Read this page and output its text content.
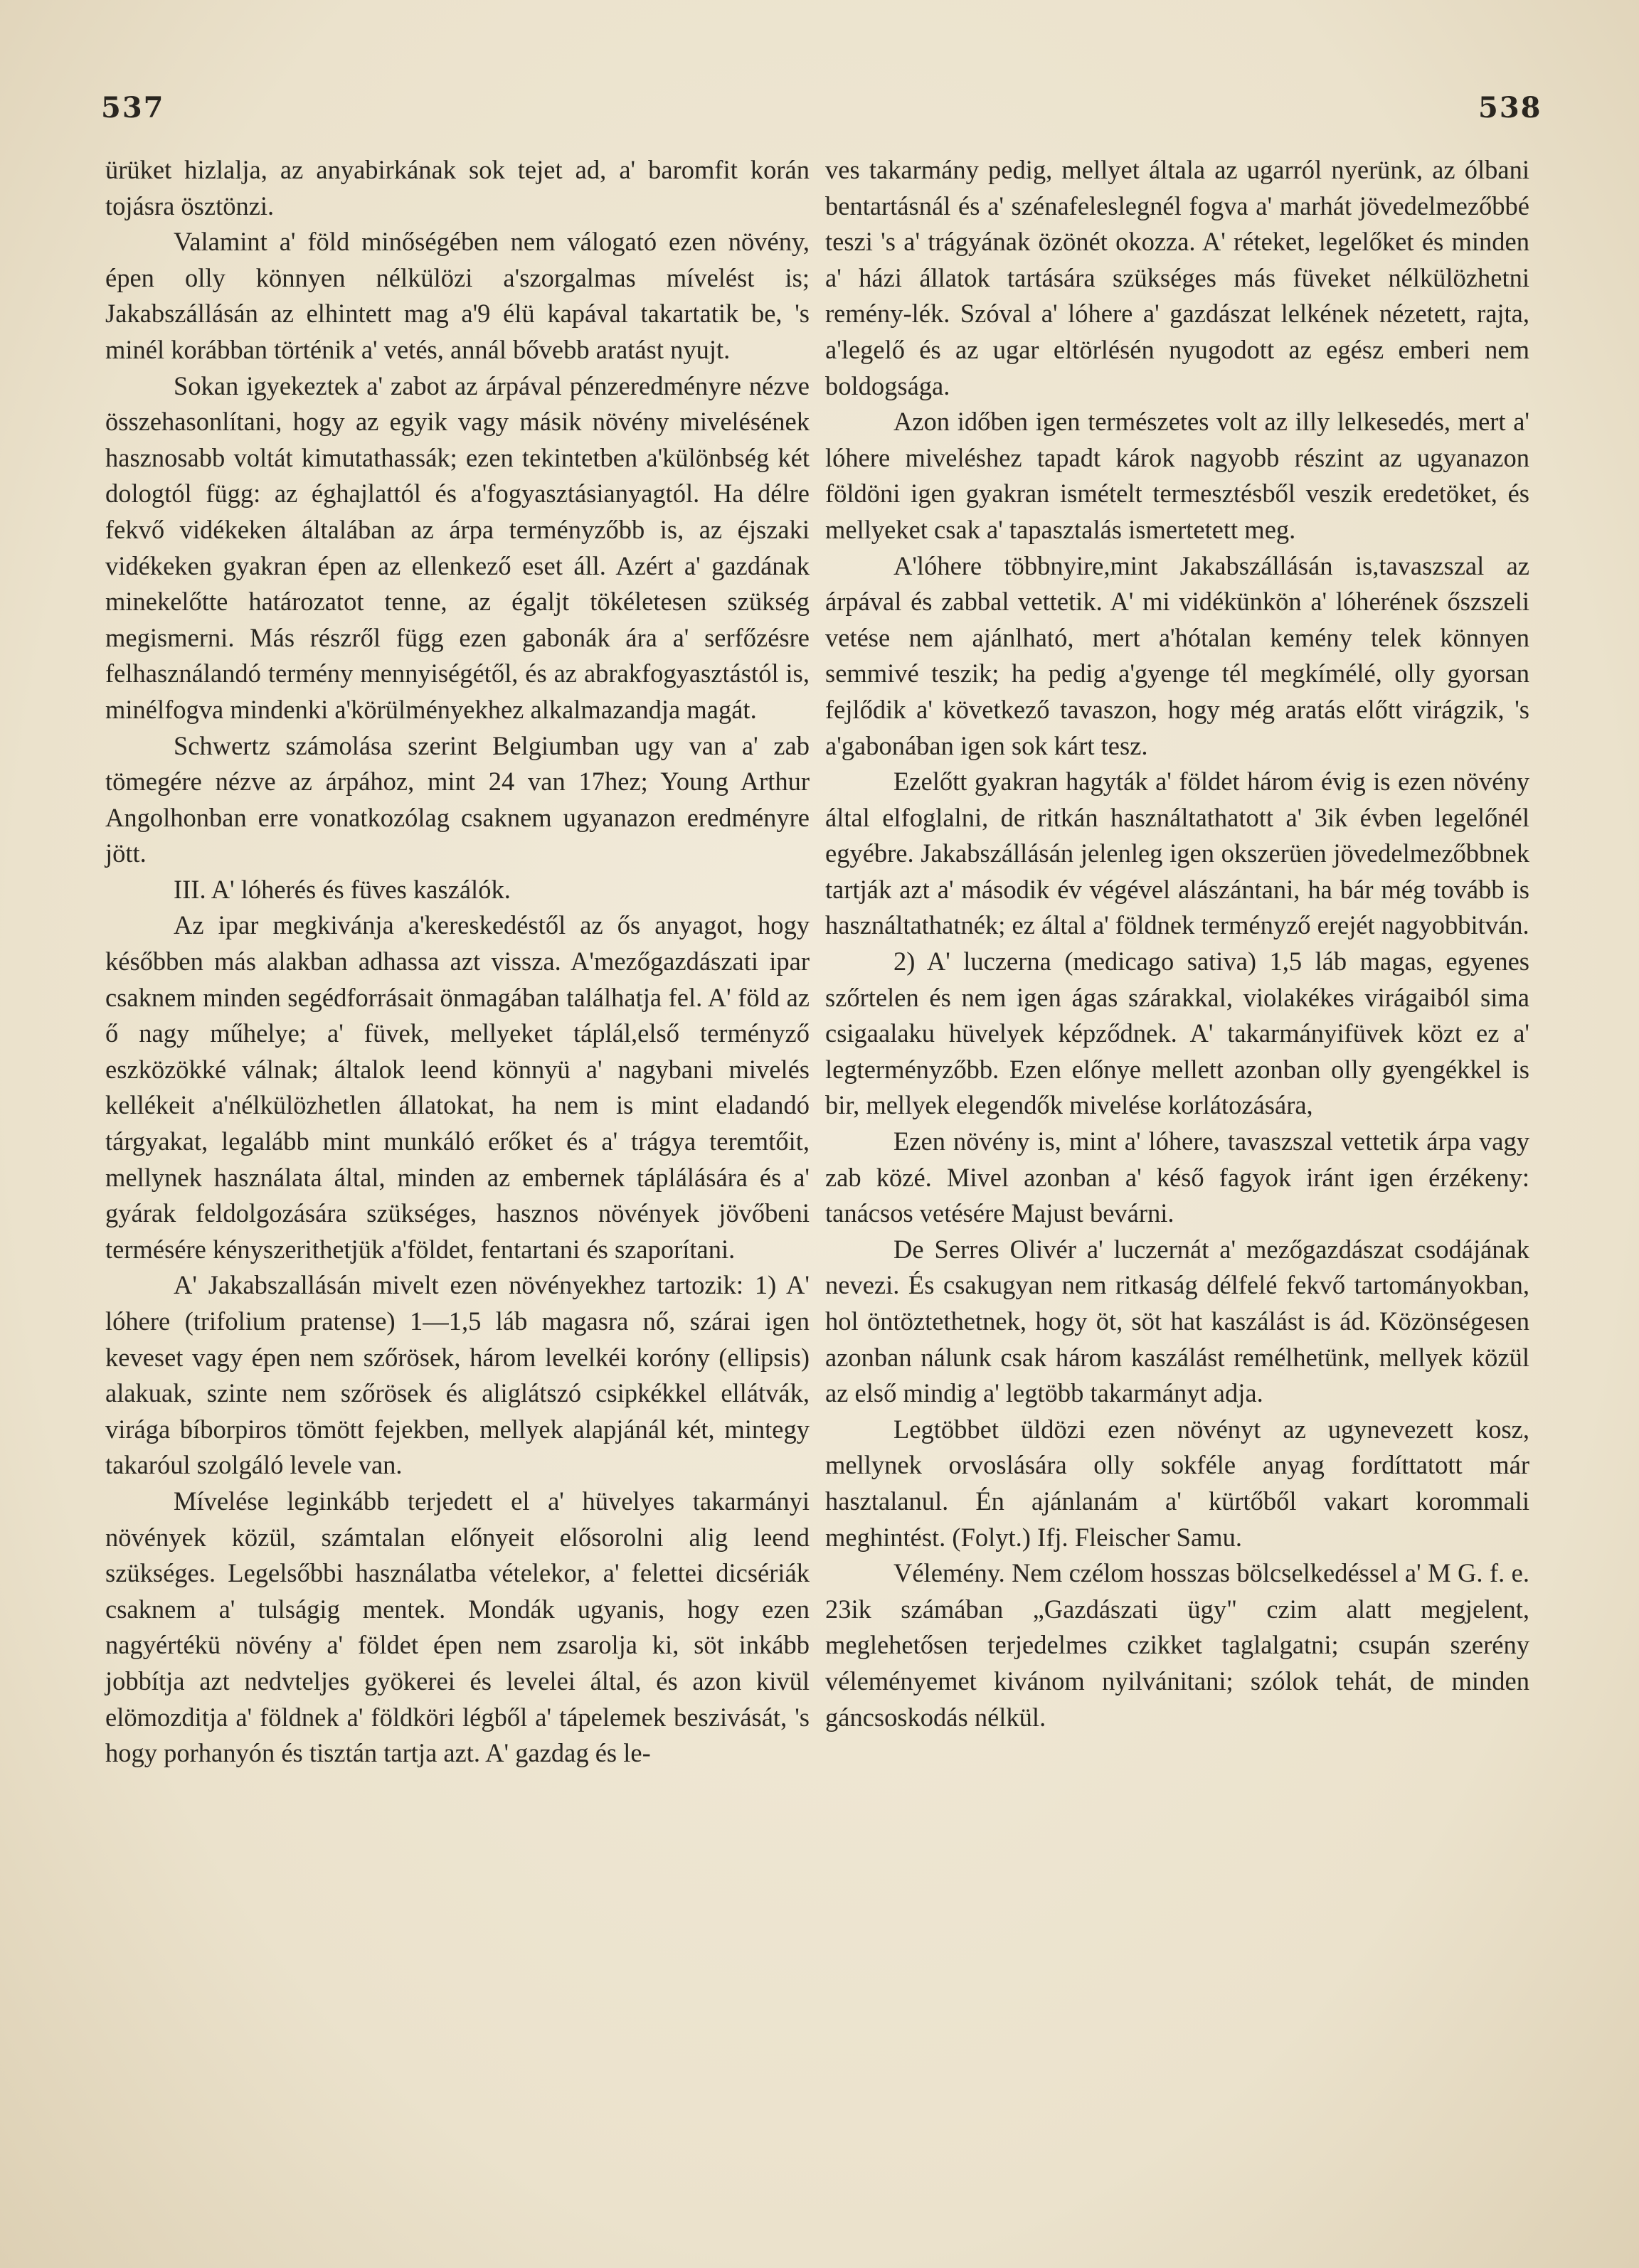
537	538

ürüket hizlalja, az anyabirkának sok tejet ad, a' baromfit korán tojásra ösztönzi.

Valamint a' föld minőségében nem válogató ezen növény, épen olly könnyen nélkülözi a'szorgalmas mívelést is; Jakabszállásán az elhintett mag a'9 élü kapával takartatik be, 's minél korábban történik a' vetés, annál bővebb aratást nyujt.

Sokan igyekeztek a' zabot az árpával pénzeredményre nézve összehasonlítani, hogy az egyik vagy másik növény mivelésének hasznosabb voltát kimutathassák; ezen tekintetben a'különbség két dologtól függ: az éghajlattól és a'fogyasztásianyagtól. Ha délre fekvő vidékeken általában az árpa terményzőbb is, az éjszaki vidékeken gyakran épen az ellenkező eset áll. Azért a' gazdának minekelőtte határozatot tenne, az égaljt tökéletesen szükség megismerni. Más részről függ ezen gabonák ára a' serfőzésre felhasználandó termény mennyiségétől, és az abrakfogyasztástól is, minélfogva mindenki a'körülményekhez alkalmazandja magát.

Schwertz számolása szerint Belgiumban ugy van a' zab tömegére nézve az árpához, mint 24 van 17hez; Young Arthur Angolhonban erre vonatkozólag csaknem ugyanazon eredményre jött.

III. A' lóherés és füves kaszálók.

Az ipar megkivánja a'kereskedéstől az ős anyagot, hogy későbben más alakban adhassa azt vissza. A'mezőgazdászati ipar csaknem minden segédforrásait önmagában találhatja fel. A' föld az ő nagy műhelye; a' füvek, mellyeket táplál,első terményző eszközökké válnak; általok leend könnyü a' nagybani mivelés kellékeit a'nélkülözhetlen állatokat, ha nem is mint eladandó tárgyakat, legalább mint munkáló erőket és a' trágya teremtőit, mellynek használata által, minden az embernek táplálására és a' gyárak feldolgozására szükséges, hasznos növények jövőbeni termésére kényszerithetjük a'földet, fentartani és szaporítani.

A' Jakabszallásán mivelt ezen növényekhez tartozik: 1) A' lóhere (trifolium pratense) 1—1,5 láb magasra nő, szárai igen keveset vagy épen nem szőrösek, három levelkéi koróny (ellipsis) alakuak, szinte nem szőrösek és aliglátszó csipkékkel ellátvák, virága bíborpiros tömött fejekben, mellyek alapjánál két, mintegy takaróul szolgáló levele van.

Mívelése leginkább terjedett el a' hüvelyes takarmányi növények közül, számtalan előnyeit elősorolni alig leend szükséges. Legelsőbbi használatba vételekor, a' felettei dicsériák csaknem a' tulságig mentek. Mondák ugyanis, hogy ezen nagyértékü növény a' földet épen nem zsarolja ki, söt inkább jobbítja azt nedvteljes gyökerei és levelei által, és azon kivül elömozditja a' földnek a' földköri légből a' tápelemek beszivását, 's hogy porhanyón és tisztán tartja azt. A' gazdag és le-

ves takarmány pedig, mellyet általa az ugarról nyerünk, az ólbani bentartásnál és a' szénafeleslegnél fogva a' marhát jövedelmezőbbé teszi 's a' trágyának özönét okozza. A' réteket, legelőket és minden a' házi állatok tartására szükséges más füveket nélkülözhetni remény-lék. Szóval a' lóhere a' gazdászat lelkének nézetett, rajta, a'legelő és az ugar eltörlésén nyugodott az egész emberi nem boldogsága.

Azon időben igen természetes volt az illy lelkesedés, mert a' lóhere miveléshez tapadt károk nagyobb részint az ugyanazon földöni igen gyakran ismételt termesztésből veszik eredetöket, és mellyeket csak a' tapasztalás ismertetett meg.

A'lóhere többnyire,mint Jakabszállásán is,tavaszszal az árpával és zabbal vettetik. A' mi vidékünkön a' lóherének őszszeli vetése nem ajánlható, mert a'hótalan kemény telek könnyen semmivé teszik; ha pedig a'gyenge tél megkímélé, olly gyorsan fejlődik a' következő tavaszon, hogy még aratás előtt virágzik, 's a'gabonában igen sok kárt tesz.

Ezelőtt gyakran hagyták a' földet három évig is ezen növény által elfoglalni, de ritkán használtathatott a' 3ik évben legelőnél egyébre. Jakabszállásán jelenleg igen okszerüen jövedelmezőbbnek tartják azt a' második év végével alászántani, ha bár még tovább is használtathatnék; ez által a' földnek terményző erejét nagyobbitván.

2) A' luczerna (medicago sativa) 1,5 láb magas, egyenes szőrtelen és nem igen ágas szárakkal, violakékes virágaiból sima csigaalaku hüvelyek képződnek. A' takarmányifüvek közt ez a' legterményzőbb. Ezen előnye mellett azonban olly gyengékkel is bir, mellyek elegendők mivelése korlátozására,

Ezen növény is, mint a' lóhere, tavaszszal vettetik árpa vagy zab közé. Mivel azonban a' késő fagyok iránt igen érzékeny: tanácsos vetésére Majust bevárni.

De Serres Olivér a' luczernát a' mezőgazdászat csodájának nevezi. És csakugyan nem ritkaság délfelé fekvő tartományokban, hol öntöztethetnek, hogy öt, söt hat kaszálást is ád. Közönségesen azonban nálunk csak három kaszálást remélhetünk, mellyek közül az első mindig a' legtöbb takarmányt adja.

Legtöbbet üldözi ezen növényt az ugynevezett kosz, mellynek orvoslására olly sokféle anyag fordíttatott már hasztalanul. Én ajánlanám a' kürtőből vakart korommali meghintést. (Folyt.) Ifj. Fleischer Samu.

Vélemény. Nem czélom hosszas bölcselkedéssel a' M G. f. e. 23ik számában „Gazdászati ügy" czim alatt megjelent, meglehetősen terjedelmes czikket taglalgatni; csupán szerény véleményemet kivánom nyilvánitani; szólok tehát, de minden gáncsoskodás nélkül.
